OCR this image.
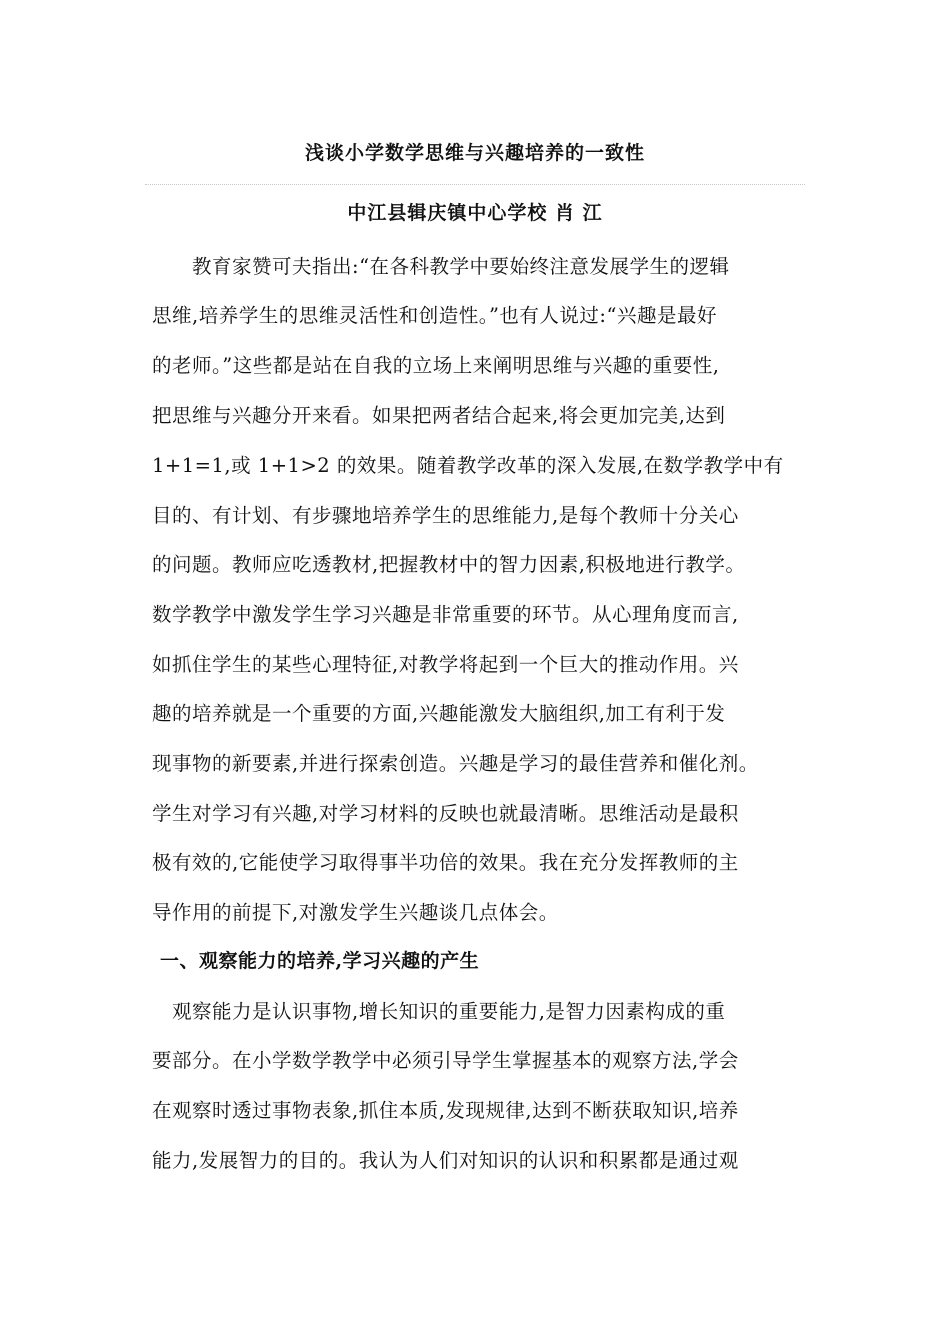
浅谈小学数学思维与兴趣培养的一致性
中江县辑庆镇中心学校 肖 江
　教育家赞可夫指出:“在各科教学中要始终注意发展学生的逻辑
思维,培养学生的思维灵活性和创造性。”也有人说过:“兴趣是最好
的老师。”这些都是站在自我的立场上来阐明思维与兴趣的重要性,
把思维与兴趣分开来看。如果把两者结合起来,将会更加完美,达到
1+1=1,或 1+1>2 的效果。随着教学改革的深入发展,在数学教学中有
目的、有计划、有步骤地培养学生的思维能力,是每个教师十分关心
的问题。教师应吃透教材,把握教材中的智力因素,积极地进行教学。
数学教学中激发学生学习兴趣是非常重要的环节。从心理角度而言,
如抓住学生的某些心理特征,对教学将起到一个巨大的推动作用。兴
趣的培养就是一个重要的方面,兴趣能激发大脑组织,加工有利于发
现事物的新要素,并进行探索创造。兴趣是学习的最佳营养和催化剂。
学生对学习有兴趣,对学习材料的反映也就最清晰。思维活动是最积
极有效的,它能使学习取得事半功倍的效果。我在充分发挥教师的主
导作用的前提下,对激发学生兴趣谈几点体会。
一、观察能力的培养,学习兴趣的产生
观察能力是认识事物,增长知识的重要能力,是智力因素构成的重
要部分。在小学数学教学中必须引导学生掌握基本的观察方法,学会
在观察时透过事物表象,抓住本质,发现规律,达到不断获取知识,培养
能力,发展智力的目的。我认为人们对知识的认识和积累都是通过观
